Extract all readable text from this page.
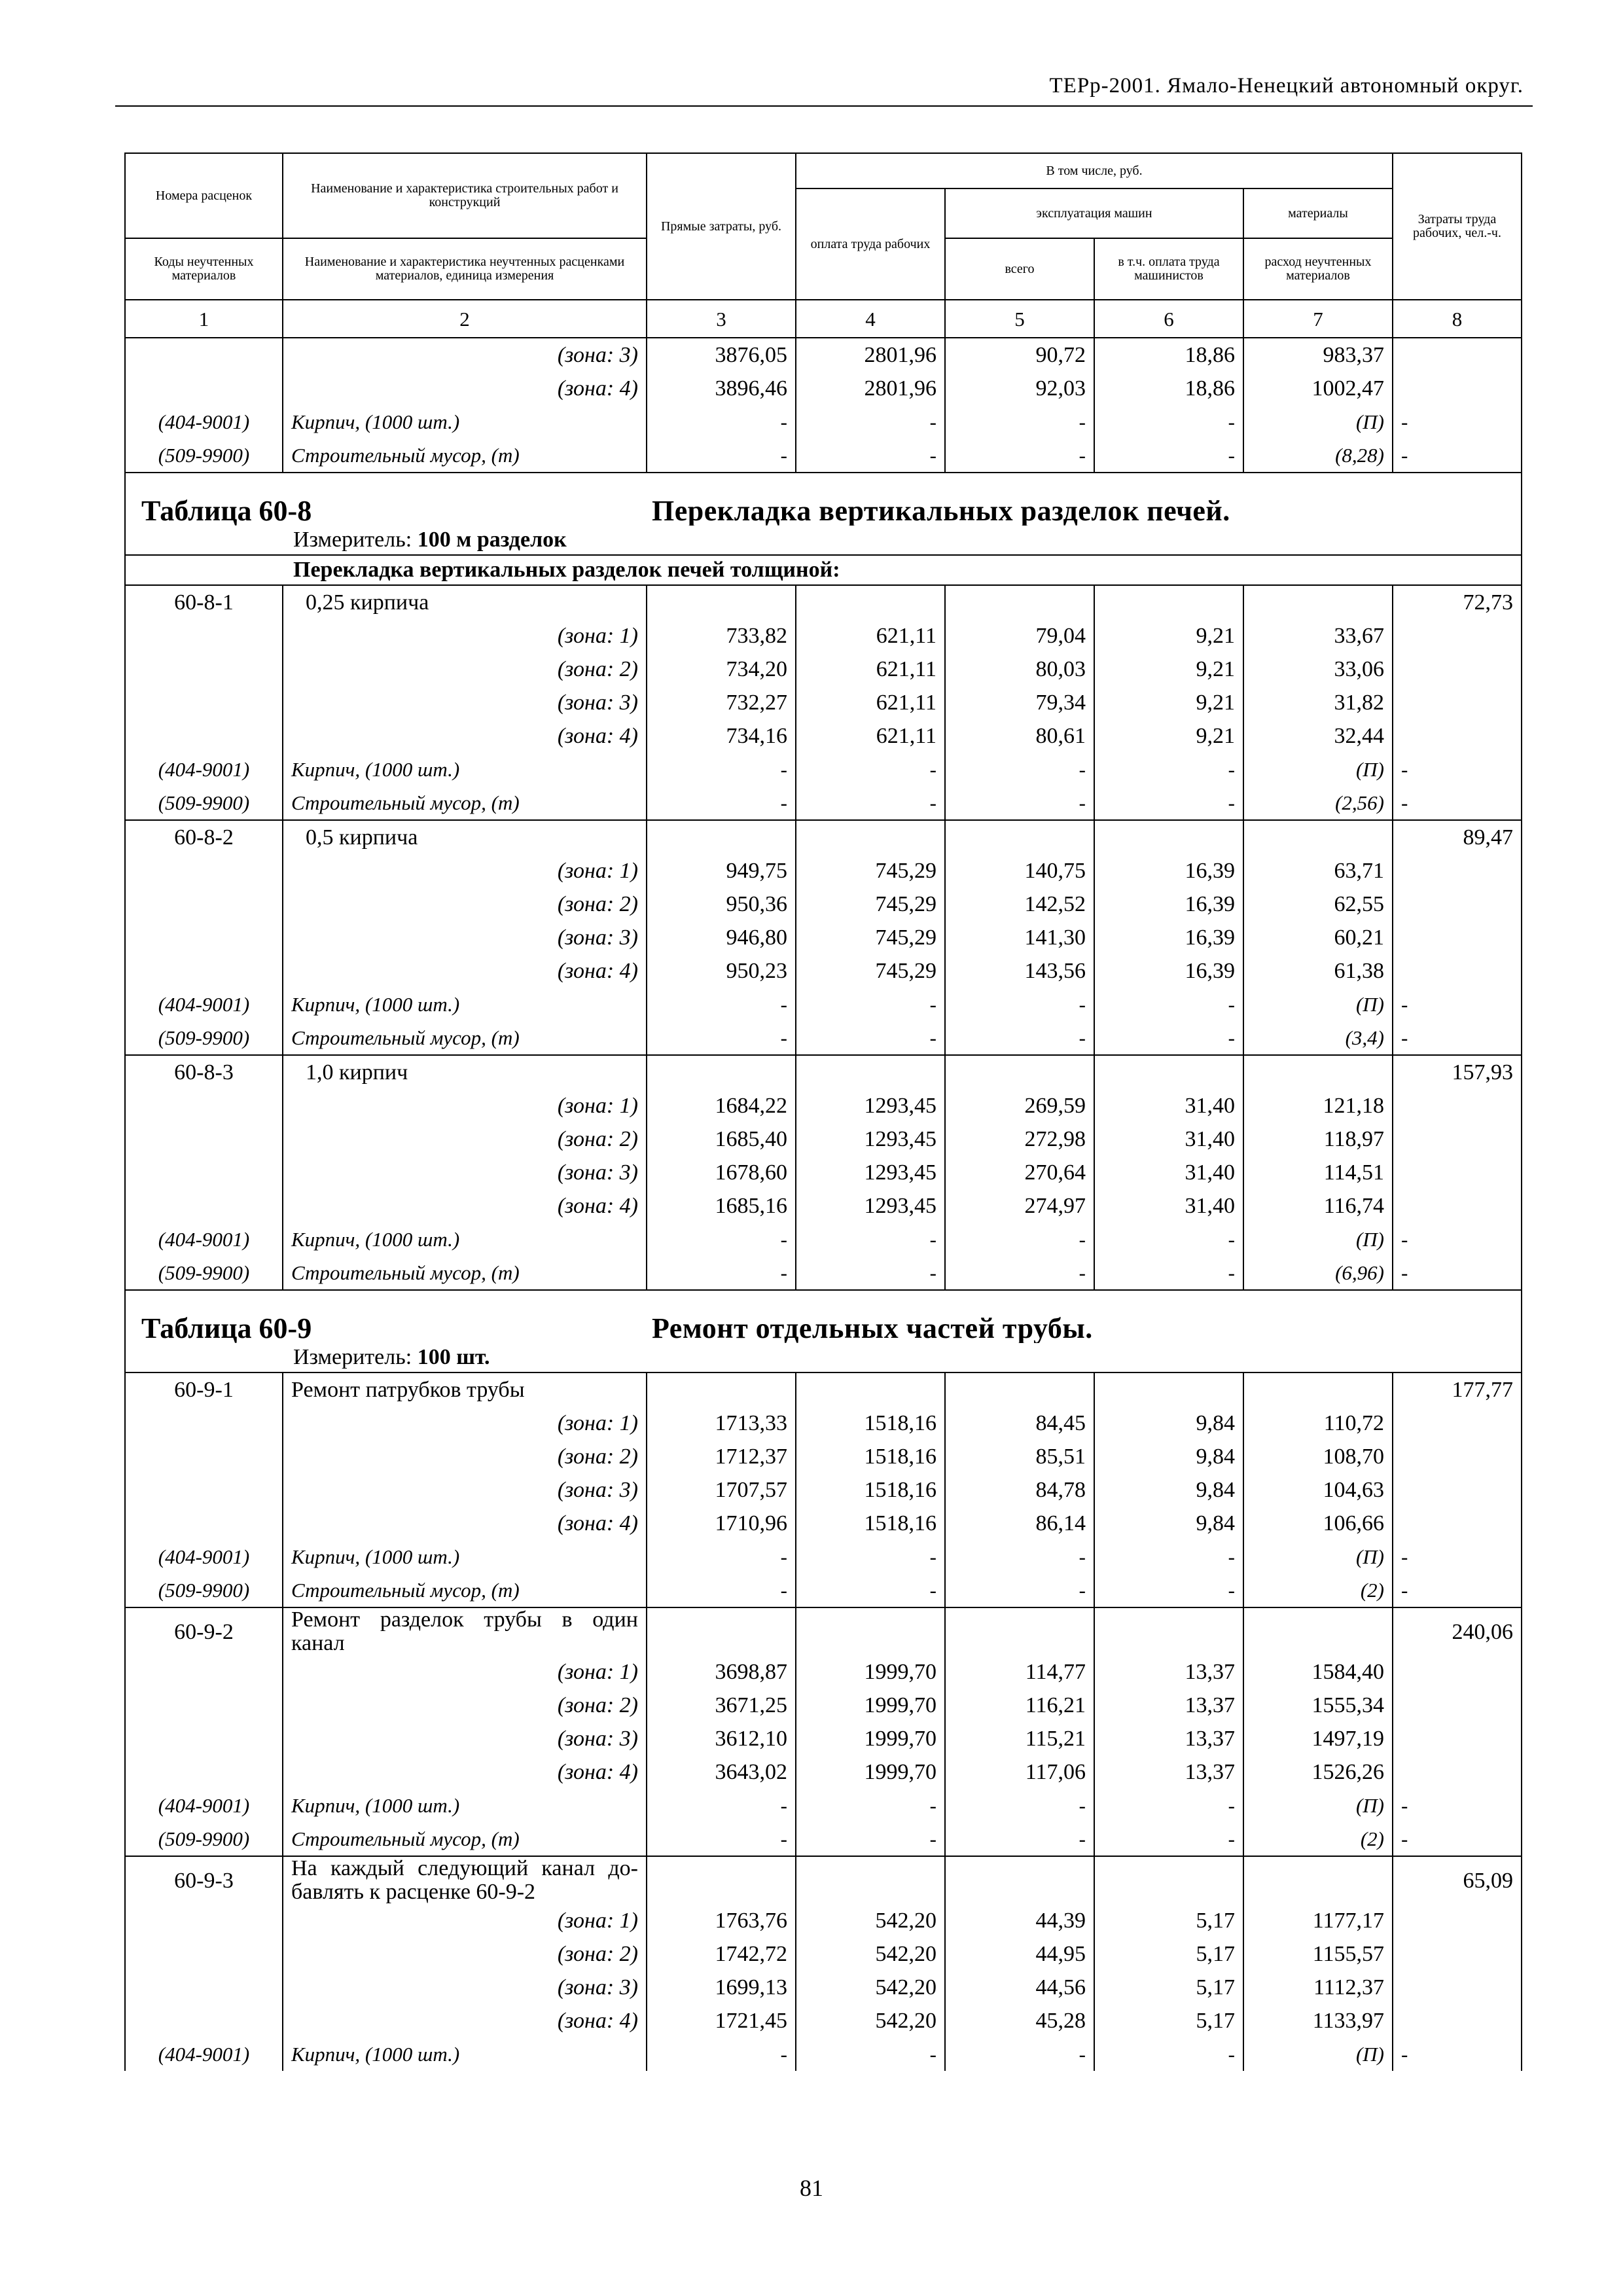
ТЕРр-2001. Ямало-Ненецкий автономный округ.
Номера расценок	Наименование и характеристика строительных работ и конструкций	Прямые затраты, руб.	В том числе, руб.				Затраты труда рабочих, чел.-ч.
			оплата труда рабочих	эксплуатация машин		материалы	
Коды неучтенных материалов	Наименование и характеристика неучтенных расценками материалов, единица измерения			всего	в т.ч. оплата труда машинистов	расход неучтенных материалов	
1	2	3	4	5	6	7	8
	(зона: 3)	3876,05	2801,96	90,72	18,86	983,37	
	(зона: 4)	3896,46	2801,96	92,03	18,86	1002,47	
(404-9001)	Кирпич, (1000 шт.)	-	-	-	-	(П)	-
(509-9900)	Строительный мусор, (т)	-	-	-	-	(8,28)	-

Таблица 60-8 Перекладка вертикальных разделок печей.							

Измеритель: 100 м разделок							
Перекладка вертикальных разделок печей толщиной:							
60-8-1	0,25 кирпича						72,73
	(зона: 1)	733,82	621,11	79,04	9,21	33,67	
	(зона: 2)	734,20	621,11	80,03	9,21	33,06	
	(зона: 3)	732,27	621,11	79,34	9,21	31,82	
	(зона: 4)	734,16	621,11	80,61	9,21	32,44	
(404-9001)	Кирпич, (1000 шт.)	-	-	-	-	(П)	-
(509-9900)	Строительный мусор, (т)	-	-	-	-	(2,56)	-
60-8-2	0,5 кирпича						89,47
	(зона: 1)	949,75	745,29	140,75	16,39	63,71	
	(зона: 2)	950,36	745,29	142,52	16,39	62,55	
	(зона: 3)	946,80	745,29	141,30	16,39	60,21	
	(зона: 4)	950,23	745,29	143,56	16,39	61,38	
(404-9001)	Кирпич, (1000 шт.)	-	-	-	-	(П)	-
(509-9900)	Строительный мусор, (т)	-	-	-	-	(3,4)	-
60-8-3	1,0 кирпич						157,93
	(зона: 1)	1684,22	1293,45	269,59	31,40	121,18	
	(зона: 2)	1685,40	1293,45	272,98	31,40	118,97	
	(зона: 3)	1678,60	1293,45	270,64	31,40	114,51	
	(зона: 4)	1685,16	1293,45	274,97	31,40	116,74	
(404-9001)	Кирпич, (1000 шт.)	-	-	-	-	(П)	-
(509-9900)	Строительный мусор, (т)	-	-	-	-	(6,96)	-

Таблица 60-9 Ремонт отдельных частей трубы.							

Измеритель: 100 шт.							
60-9-1	Ремонт патрубков трубы						177,77
	(зона: 1)	1713,33	1518,16	84,45	9,84	110,72	
	(зона: 2)	1712,37	1518,16	85,51	9,84	108,70	
	(зона: 3)	1707,57	1518,16	84,78	9,84	104,63	
	(зона: 4)	1710,96	1518,16	86,14	9,84	106,66	
(404-9001)	Кирпич, (1000 шт.)	-	-	-	-	(П)	-
(509-9900)	Строительный мусор, (т)	-	-	-	-	(2)	-
60-9-2	Ремонт разделок трубы в один канал						240,06
	(зона: 1)	3698,87	1999,70	114,77	13,37	1584,40	
	(зона: 2)	3671,25	1999,70	116,21	13,37	1555,34	
	(зона: 3)	3612,10	1999,70	115,21	13,37	1497,19	
	(зона: 4)	3643,02	1999,70	117,06	13,37	1526,26	
(404-9001)	Кирпич, (1000 шт.)	-	-	-	-	(П)	-
(509-9900)	Строительный мусор, (т)	-	-	-	-	(2)	-
60-9-3	На каждый следующий канал до-бавлять к расценке 60-9-2						65,09
	(зона: 1)	1763,76	542,20	44,39	5,17	1177,17	
	(зона: 2)	1742,72	542,20	44,95	5,17	1155,57	
	(зона: 3)	1699,13	542,20	44,56	5,17	1112,37	
	(зона: 4)	1721,45	542,20	45,28	5,17	1133,97	
(404-9001)	Кирпич, (1000 шт.)	-	-	-	-	(П)	-
81
